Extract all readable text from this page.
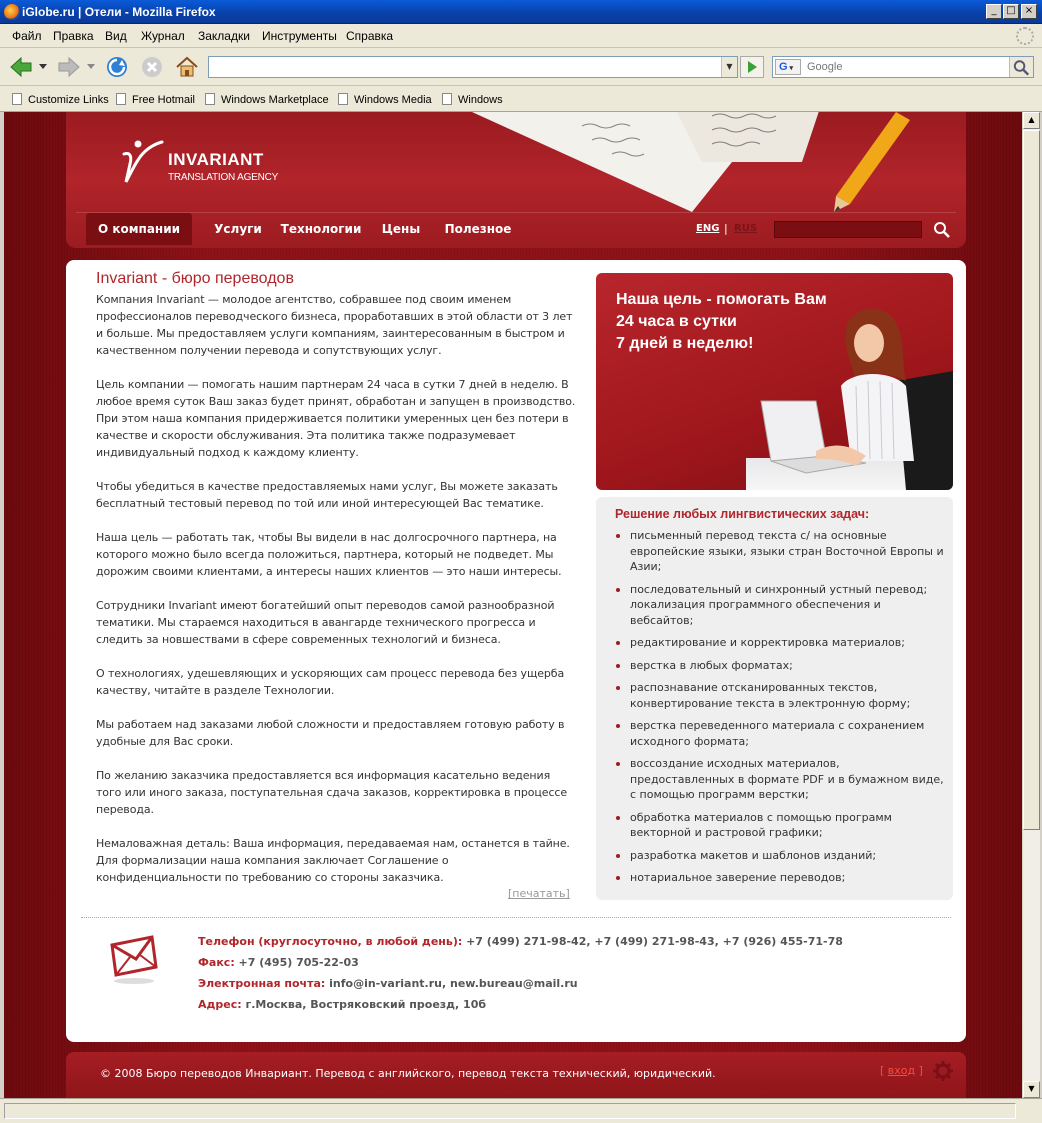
iGlobe.ru | Отели - Mozilla Firefox	_ □ ×
Файл Правка Вид Журнал Закладки Инструменты Справка
▼	G ▾	Google
Customize Links	Free Hotmail	Windows Marketplace	Windows Media	Windows
INVARIANT
TRANSLATION AGENCY
О компании	Услуги	Технологии	Цены	Полезное	ENG | RUS
Invariant - бюро переводов

Компания Invariant — молодое агентство, собравшее под своим именем профессионалов переводческого бизнеса, проработавших в этой области от 3 лет и больше. Мы предоставляем услуги компаниям, заинтересованным в быстром и качественном получении перевода и сопутствующих услуг.

Цель компании — помогать нашим партнерам 24 часа в сутки 7 дней в неделю. В любое время суток Ваш заказ будет принят, обработан и запущен в производство. При этом наша компания придерживается политики умеренных цен без потери в качестве и скорости обслуживания. Эта политика также подразумевает индивидуальный подход к каждому клиенту.

Чтобы убедиться в качестве предоставляемых нами услуг, Вы можете заказать бесплатный тестовый перевод по той или иной интересующей Вас тематике.

Наша цель — работать так, чтобы Вы видели в нас долгосрочного партнера, на которого можно было всегда положиться, партнера, который не подведет. Мы дорожим своими клиентами, а интересы наших клиентов — это наши интересы.

Сотрудники Invariant имеют богатейший опыт переводов самой разнообразной тематики. Мы стараемся находиться в авангарде технического прогресса и следить за новшествами в сфере современных технологий и бизнеса.

О технологиях, удешевляющих и ускоряющих сам процесс перевода без ущерба качеству, читайте в разделе Технологии.

Мы работаем над заказами любой сложности и предоставляем готовую работу в удобные для Вас сроки.

По желанию заказчика предоставляется вся информация касательно ведения того или иного заказа, поступательная сдача заказов, корректировка в процессе перевода.

Немаловажная деталь: Ваша информация, передаваемая нам, останется в тайне. Для формализации наша компания заключает Соглашение о конфиденциальности по требованию со стороны заказчика.

[печатать]
Наша цель - помогать Вам
24 часа в сутки
7 дней в неделю!
Решение любых лингвистических задач:
письменный перевод текста с/ на основные европейские языки, языки стран Восточной Европы и Азии;
последовательный и синхронный устный перевод; локализация программного обеспечения и вебсайтов;
редактирование и корректировка материалов;
верстка в любых форматах;
распознавание отсканированных текстов, конвертирование текста в электронную форму;
верстка переведенного материала с сохранением исходного формата;
воссоздание исходных материалов, предоставленных в формате PDF и в бумажном виде, с помощью программ верстки;
обработка материалов с помощью программ векторной и растровой графики;
разработка макетов и шаблонов изданий;
нотариальное заверение переводов;
Телефон (круглосуточно, в любой день): +7 (499) 271-98-42, +7 (499) 271-98-43, +7 (926) 455-71-78
Факс: +7 (495) 705-22-03
Электронная почта: info@in-variant.ru, new.bureau@mail.ru
Адрес: г.Москва, Востряковский проезд, 10б
© 2008 Бюро переводов Инвариант. Перевод с английского, перевод текста технический, юридический.	[ вход ]
▲
▼
